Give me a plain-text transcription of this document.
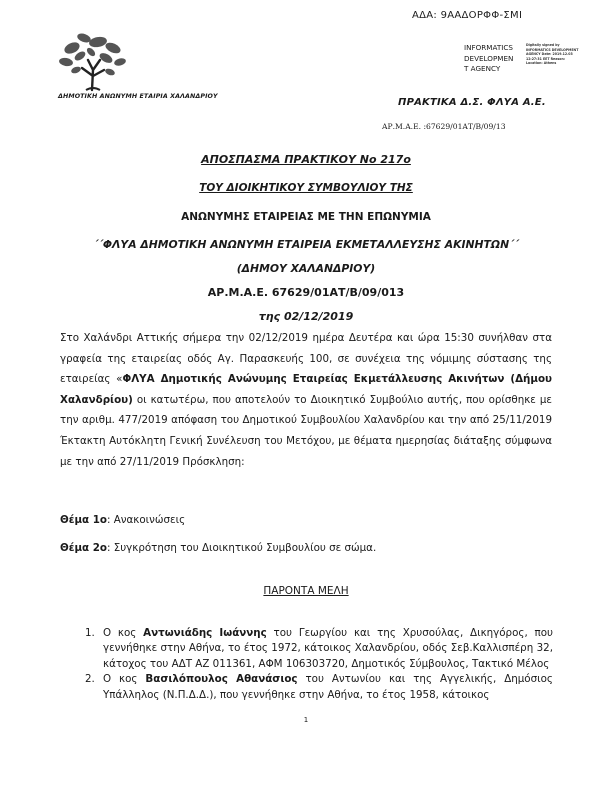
ΑΔΑ: 9ΑΑΔΟΡΦΦ-ΣΜΙ
ΔΗΜΟΤΙΚΗ ΑΝΩΝΥΜΗ ΕΤΑΙΡΙΑ ΧΑΛΑΝΔΡΙΟΥ
INFORMATICS
DEVELOPMEN
T AGENCY
Digitally signed by INFORMATICS DEVELOPMENT AGENCY Date: 2019.12.03 12:27:31 EET Reason: Location: Athens
ΠΡΑΚΤΙΚΑ Δ.Σ. ΦΛΥΑ Α.Ε.
ΑΡ.Μ.Α.Ε. :67629/01ΑΤ/Β/09/13
ΑΠΟΣΠΑΣΜΑ ΠΡΑΚΤΙΚΟΥ Νο 217ο
ΤΟΥ ΔΙΟΙΚΗΤΙΚΟΥ ΣΥΜΒΟΥΛΙΟΥ ΤΗΣ
ΑΝΩΝΥΜΗΣ ΕΤΑΙΡΕΙΑΣ ΜΕ ΤΗΝ ΕΠΩΝΥΜΙΑ
΄΄ΦΛΥΑ ΔΗΜΟΤΙΚΗ ΑΝΩΝΥΜΗ ΕΤΑΙΡΕΙΑ ΕΚΜΕΤΑΛΛΕΥΣΗΣ ΑΚΙΝΗΤΩΝ΄΄
(ΔΗΜΟΥ ΧΑΛΑΝΔΡΙΟΥ)
ΑΡ.Μ.Α.Ε. 67629/01ΑΤ/Β/09/013
της 02/12/2019
Στο Χαλάνδρι Αττικής σήμερα την 02/12/2019 ημέρα Δευτέρα και ώρα 15:30 συνήλθαν στα γραφεία της εταιρείας οδός Αγ. Παρασκευής 100, σε συνέχεια της νόμιμης σύστασης της εταιρείας «ΦΛΥΑ Δημοτικής Ανώνυμης Εταιρείας Εκμετάλλευσης Ακινήτων (Δήμου Χαλανδρίου) οι κατωτέρω, που αποτελούν το Διοικητικό Συμβούλιο αυτής, που ορίσθηκε με την αριθμ. 477/2019 απόφαση του Δημοτικού Συμβουλίου Χαλανδρίου και την από 25/11/2019 Έκτακτη Αυτόκλητη Γενική Συνέλευση του Μετόχου, με θέματα ημερησίας διάταξης σύμφωνα με την από 27/11/2019 Πρόσκληση:
Θέμα 1ο: Ανακοινώσεις
Θέμα 2ο: Συγκρότηση του Διοικητικού Συμβουλίου σε σώμα.
ΠΑΡΟΝΤΑ ΜΕΛΗ
1. Ο κος Αντωνιάδης Ιωάννης του Γεωργίου και της Χρυσούλας, Δικηγόρος, που γεννήθηκε στην Αθήνα, το έτος 1972, κάτοικος Χαλανδρίου, οδός Σεβ.Καλλισπέρη 32, κάτοχος του ΑΔΤ ΑΖ 011361, ΑΦΜ 106303720, Δημοτικός Σύμβουλος, Τακτικό Μέλος
2. Ο κος Βασιλόπουλος Αθανάσιος του Αντωνίου και της Αγγελικής, Δημόσιος Υπάλληλος (Ν.Π.Δ.Δ.), που γεννήθηκε στην Αθήνα, το έτος 1958, κάτοικος
1
